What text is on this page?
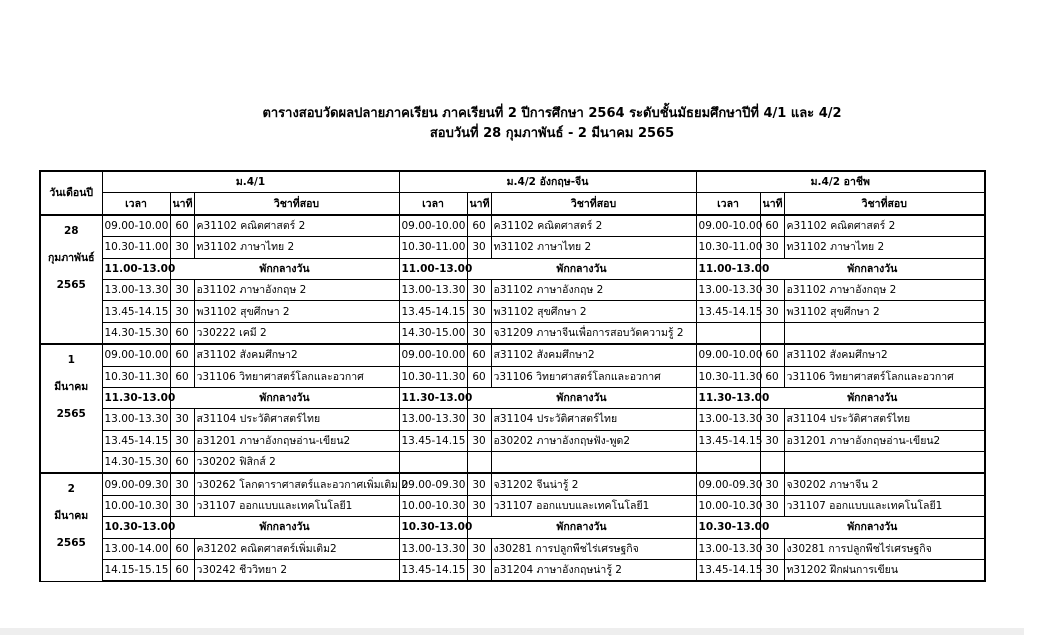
ตารางสอบวัดผลปลายภาคเรียน ภาคเรียนที่ 2 ปีการศึกษา 2564 ระดับชั้นมัธยมศึกษาปีที่ 4/1 และ 4/2
สอบวันที่ 28 กุมภาพันธ์ - 2 มีนาคม 2565
วันเดือนปี	ม.4/1			ม.4/2 อังกฤษ-จีน			ม.4/2 อาชีพ		
	เวลา	นาที	วิชาที่สอบ	เวลา	นาที	วิชาที่สอบ	เวลา	นาที	วิชาที่สอบ

28
กุมภาพันธ์
2565	09.00-10.00	60	ค31102 คณิตศาสตร์ 2	09.00-10.00	60	ค31102 คณิตศาสตร์ 2	09.00-10.00	60	ค31102 คณิตศาสตร์ 2
	10.30-11.00	30	ท31102 ภาษาไทย 2	10.30-11.00	30	ท31102 ภาษาไทย 2	10.30-11.00	30	ท31102 ภาษาไทย 2
	11.00-13.00	พักกลางวัน		11.00-13.00	พักกลางวัน		11.00-13.00	พักกลางวัน	
	13.00-13.30	30	อ31102 ภาษาอังกฤษ 2	13.00-13.30	30	อ31102 ภาษาอังกฤษ 2	13.00-13.30	30	อ31102 ภาษาอังกฤษ 2
	13.45-14.15	30	พ31102 สุขศึกษา 2	13.45-14.15	30	พ31102 สุขศึกษา 2	13.45-14.15	30	พ31102 สุขศึกษา 2
	14.30-15.30	60	ว30222 เคมี 2	14.30-15.00	30	จ31209 ภาษาจีนเพื่อการสอบวัดความรู้ 2			

1
มีนาคม
2565	09.00-10.00	60	ส31102 สังคมศึกษา2	09.00-10.00	60	ส31102 สังคมศึกษา2	09.00-10.00	60	ส31102 สังคมศึกษา2
	10.30-11.30	60	ว31106 วิทยาศาสตร์โลกและอวกาศ	10.30-11.30	60	ว31106 วิทยาศาสตร์โลกและอวกาศ	10.30-11.30	60	ว31106 วิทยาศาสตร์โลกและอวกาศ
	11.30-13.00	พักกลางวัน		11.30-13.00	พักกลางวัน		11.30-13.00	พักกลางวัน	
	13.00-13.30	30	ส31104 ประวัติศาสตร์ไทย	13.00-13.30	30	ส31104 ประวัติศาสตร์ไทย	13.00-13.30	30	ส31104 ประวัติศาสตร์ไทย
	13.45-14.15	30	อ31201 ภาษาอังกฤษอ่าน-เขียน2	13.45-14.15	30	อ30202 ภาษาอังกฤษฟัง-พูด2	13.45-14.15	30	อ31201 ภาษาอังกฤษอ่าน-เขียน2
	14.30-15.30	60	ว30202 ฟิสิกส์ 2						

2
มีนาคม
2565	09.00-09.30	30	ว30262 โลกดาราศาสตร์และอวกาศเพิ่มเติม 2	09.00-09.30	30	จ31202 จีนน่ารู้ 2	09.00-09.30	30	จ30202 ภาษาจีน 2
	10.00-10.30	30	ว31107 ออกแบบและเทคโนโลยี1	10.00-10.30	30	ว31107 ออกแบบและเทคโนโลยี1	10.00-10.30	30	ว31107 ออกแบบและเทคโนโลยี1
	10.30-13.00	พักกลางวัน		10.30-13.00	พักกลางวัน		10.30-13.00	พักกลางวัน	
	13.00-14.00	60	ค31202 คณิตศาสตร์เพิ่มเติม2	13.00-13.30	30	ง30281 การปลูกพืชไร่เศรษฐกิจ	13.00-13.30	30	ง30281 การปลูกพืชไร่เศรษฐกิจ
	14.15-15.15	60	ว30242 ชีววิทยา 2	13.45-14.15	30	อ31204 ภาษาอังกฤษน่ารู้ 2	13.45-14.15	30	ท31202 ฝึกฝนการเขียน
